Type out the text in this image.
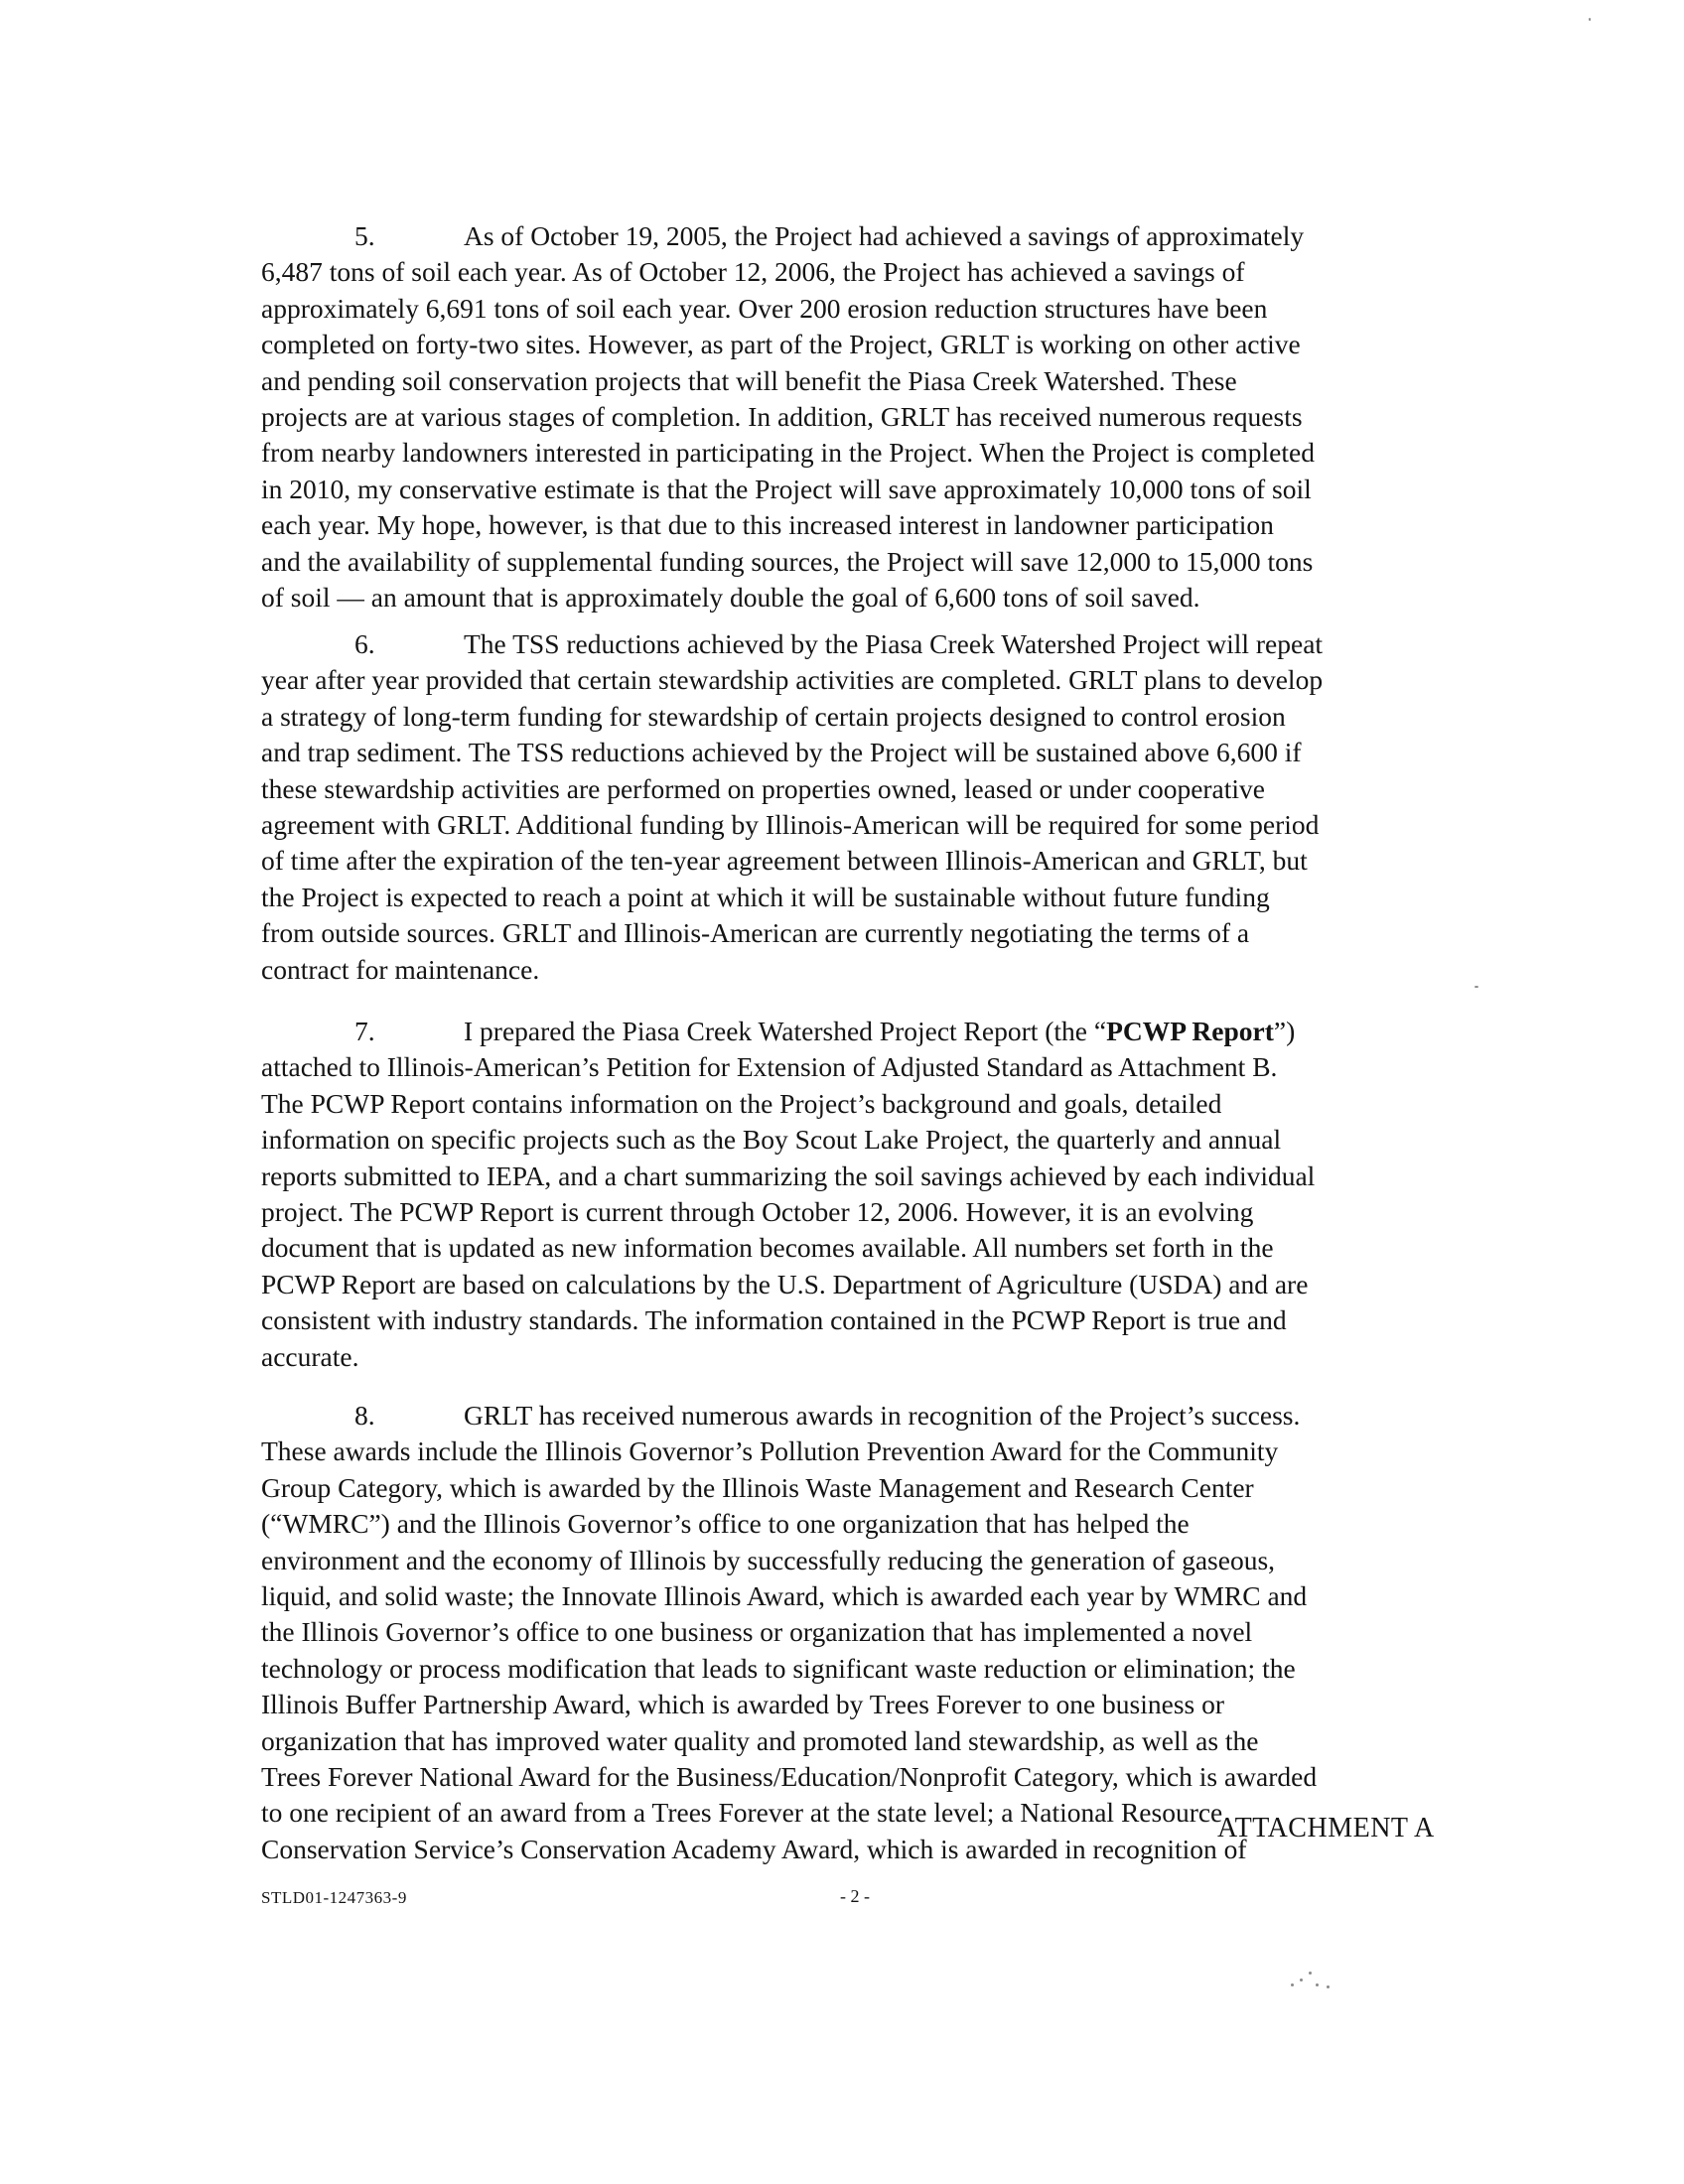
5.	As of October 19, 2005, the Project had achieved a savings of approximately
6,487 tons of soil each year. As of October 12, 2006, the Project has achieved a savings of
approximately 6,691 tons of soil each year. Over 200 erosion reduction structures have been
completed on forty-two sites. However, as part of the Project, GRLT is working on other active
and pending soil conservation projects that will benefit the Piasa Creek Watershed. These
projects are at various stages of completion. In addition, GRLT has received numerous requests
from nearby landowners interested in participating in the Project. When the Project is completed
in 2010, my conservative estimate is that the Project will save approximately 10,000 tons of soil
each year. My hope, however, is that due to this increased interest in landowner participation
and the availability of supplemental funding sources, the Project will save 12,000 to 15,000 tons
of soil — an amount that is approximately double the goal of 6,600 tons of soil saved.
6.	The TSS reductions achieved by the Piasa Creek Watershed Project will repeat
year after year provided that certain stewardship activities are completed. GRLT plans to develop
a strategy of long-term funding for stewardship of certain projects designed to control erosion
and trap sediment. The TSS reductions achieved by the Project will be sustained above 6,600 if
these stewardship activities are performed on properties owned, leased or under cooperative
agreement with GRLT. Additional funding by Illinois-American will be required for some period
of time after the expiration of the ten-year agreement between Illinois-American and GRLT, but
the Project is expected to reach a point at which it will be sustainable without future funding
from outside sources. GRLT and Illinois-American are currently negotiating the terms of a
contract for maintenance.
7.	I prepared the Piasa Creek Watershed Project Report (the “PCWP Report”)
attached to Illinois-American’s Petition for Extension of Adjusted Standard as Attachment B.
The PCWP Report contains information on the Project’s background and goals, detailed
information on specific projects such as the Boy Scout Lake Project, the quarterly and annual
reports submitted to IEPA, and a chart summarizing the soil savings achieved by each individual
project. The PCWP Report is current through October 12, 2006. However, it is an evolving
document that is updated as new information becomes available. All numbers set forth in the
PCWP Report are based on calculations by the U.S. Department of Agriculture (USDA) and are
consistent with industry standards. The information contained in the PCWP Report is true and
accurate.
8.	GRLT has received numerous awards in recognition of the Project’s success.
These awards include the Illinois Governor’s Pollution Prevention Award for the Community
Group Category, which is awarded by the Illinois Waste Management and Research Center
(“WMRC”) and the Illinois Governor’s office to one organization that has helped the
environment and the economy of Illinois by successfully reducing the generation of gaseous,
liquid, and solid waste; the Innovate Illinois Award, which is awarded each year by WMRC and
the Illinois Governor’s office to one business or organization that has implemented a novel
technology or process modification that leads to significant waste reduction or elimination; the
Illinois Buffer Partnership Award, which is awarded by Trees Forever to one business or
organization that has improved water quality and promoted land stewardship, as well as the
Trees Forever National Award for the Business/Education/Nonprofit Category, which is awarded
to one recipient of an award from a Trees Forever at the state level; a National Resource
Conservation Service’s Conservation Academy Award, which is awarded in recognition of
ATTACHMENT A
STLD01-1247363-9	- 2 -
